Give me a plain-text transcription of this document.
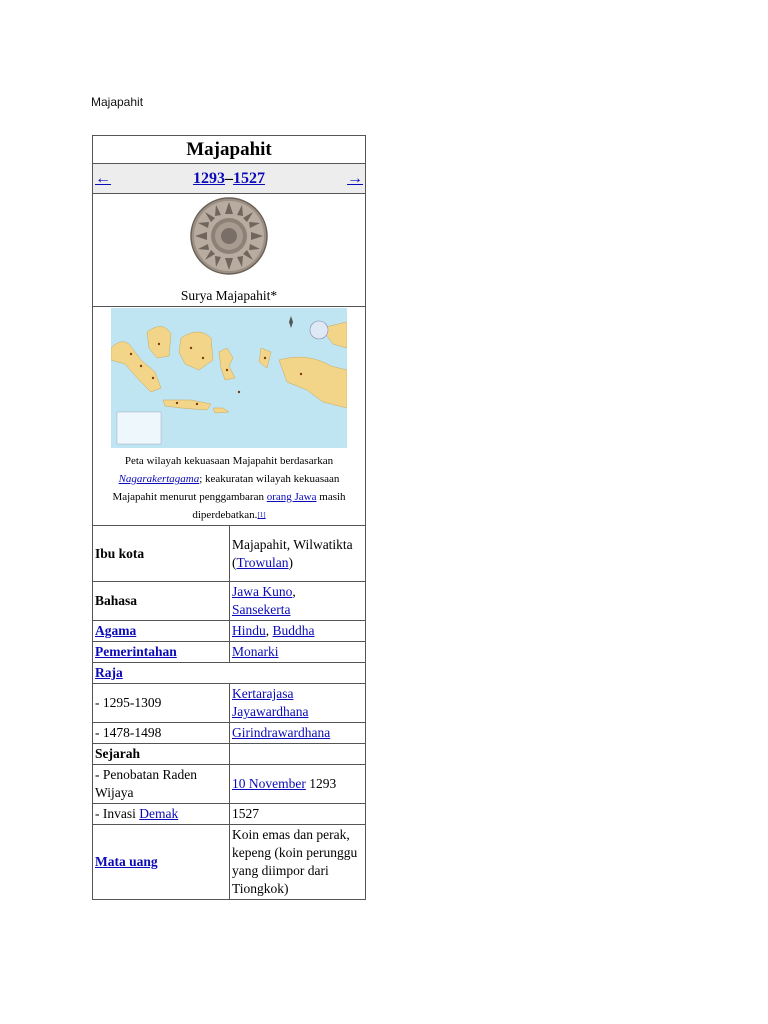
Majapahit
Majapahit	

← 1293–1527 →	

Surya Majapahit*	

Peta wilayah kekuasaan Majapahit berdasarkan Nagarakertagama; keakuratan wilayah kekuasaan Majapahit menurut penggambaran orang Jawa masih diperdebatkan.[1]

Ibu kota	Majapahit, Wilwatikta (Trowulan)
Bahasa	Jawa Kuno,
Sansekerta
Agama	Hindu, Buddha
Pemerintahan	Monarki
Raja	
- 1295-1309	Kertarajasa Jayawardhana
- 1478-1498	Girindrawardhana
Sejarah	
- Penobatan Raden Wijaya	10 November 1293
- Invasi Demak	1527
Mata uang	Koin emas dan perak, kepeng (koin perunggu yang diimpor dari Tiongkok)
